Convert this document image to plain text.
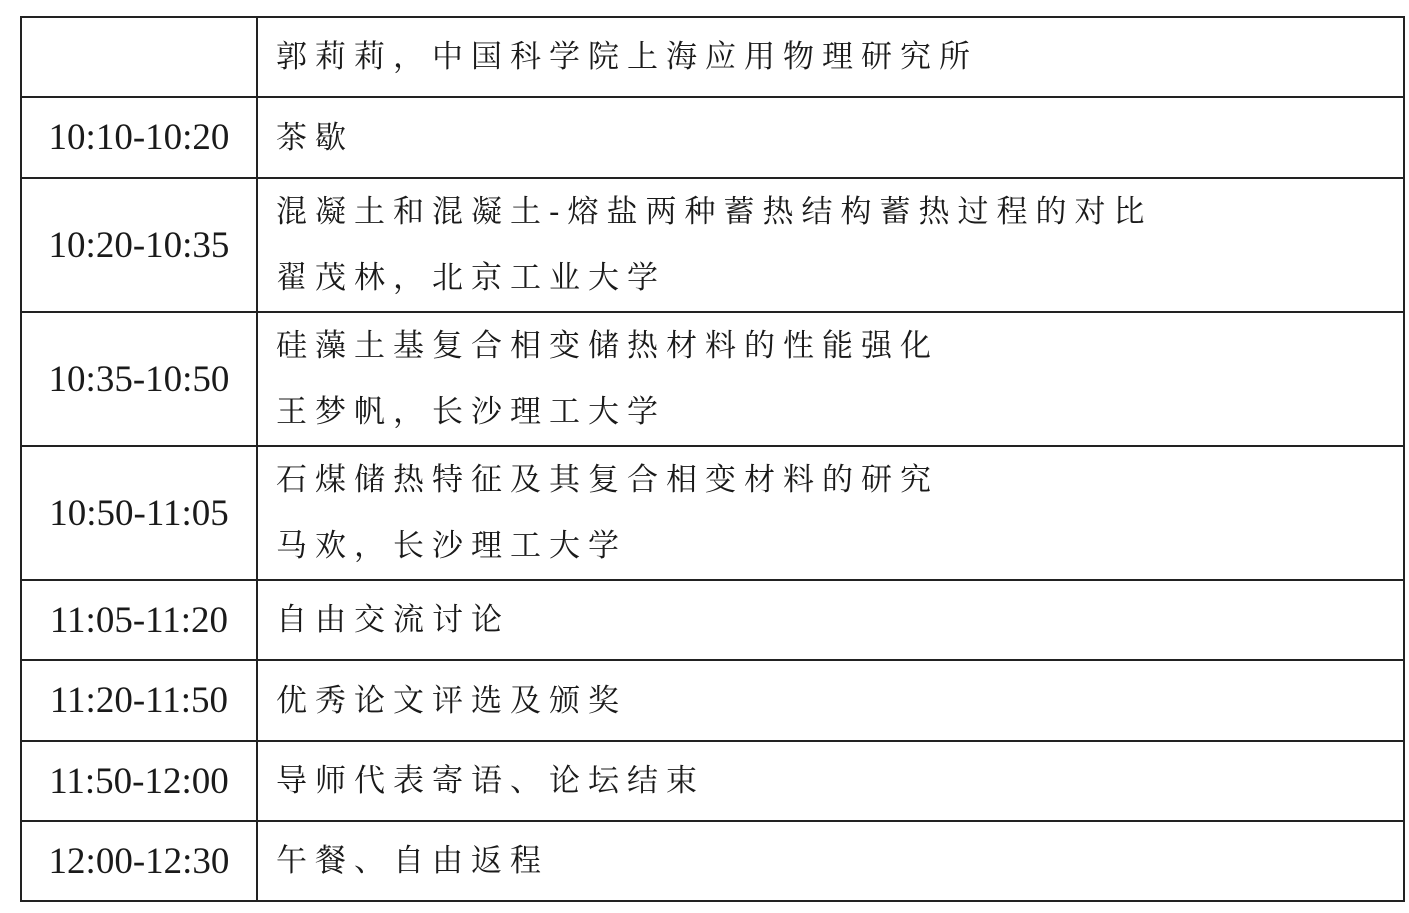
	郭莉莉，中国科学院上海应用物理研究所

10:10-10:20	茶歇

10:20-10:35	混凝土和混凝土-熔盐两种蓄热结构蓄热过程的对比
翟茂林，北京工业大学

10:35-10:50	硅藻土基复合相变储热材料的性能强化
王梦帆，长沙理工大学

10:50-11:05	石煤储热特征及其复合相变材料的研究
马欢，长沙理工大学

11:05-11:20	自由交流讨论

11:20-11:50	优秀论文评选及颁奖

11:50-12:00	导师代表寄语、论坛结束

12:00-12:30	午餐、自由返程
